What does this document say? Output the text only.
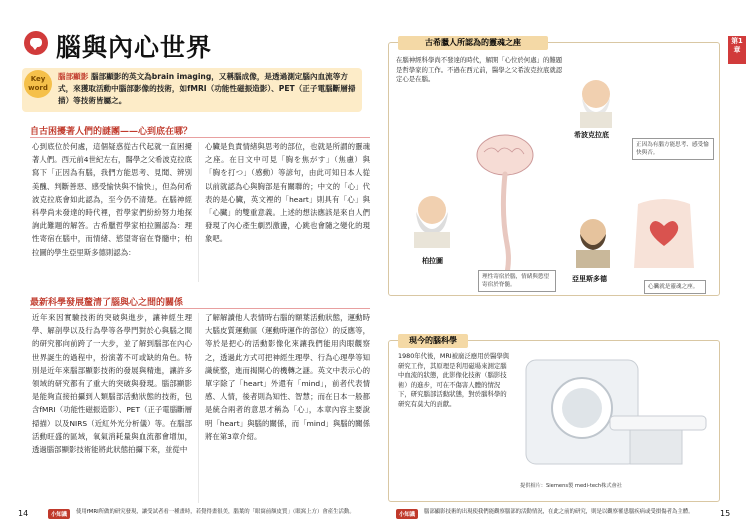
腦與內心世界
Key word
腦部顯影 腦部顯影的英文為brain imaging，又稱腦成像，是透過測定腦內血流等方式，來獲取活動中腦部影像的技術，如fMRI（功能性磁振造影）、PET（正子電腦斷層掃描）等技術皆屬之。
自古困擾著人們的謎團——心到底在哪？
心到底位於何處，這個疑惑從古代起就一直困擾著人們。西元前4世紀左右，醫學之父希波克拉底寫下「正因為有腦，我們方能思考、見聞、辨別美醜、判斷善惡、感受愉快與不愉快」，但為何希波克拉底會如此認為，至今仍不清楚。在腦神經科學尚未發達的時代裡，哲學家們紛紛努力地探詢此難題的解答。古希臘哲學家柏拉圖認為：理性寄宿在腦中，而情緒、慾望寄宿在脊髓中；柏拉圖的學生亞里斯多德則認為：
心臟是負責情緒與思考的部位，也就是所謂的靈魂之座。在日文中可見「胸を焦がす」（焦慮）與「胸を打つ」（感動）等諺句，由此可知日本人從以前就認為心與胸部是有關聯的；中文的「心」代表的是心臟，英文裡的「heart」則具有「心」與「心臟」的雙重意義。上述的想法應該是來自人們發現了內心產生劇烈激盪，心跳也會隨之變化的現象吧。
最新科學發展釐清了腦與心之間的關係
近年來因實驗技術的突破與進步，讓神經生理學、解剖學以及行為學等各學門對於心與腦之間的研究都向前跨了一大步，並了解到腦部在內心世界誕生的過程中，扮演著不可或缺的角色。特別是近年來腦部顯影技術的發展與精進，讓許多領域的研究都有了重大的突破與發現。腦部顯影是能夠直接拍攝到人類腦部活動狀態的技術，包含fMRI（功能性磁振造影）、PET（正子電腦斷層掃描）以及NIRS（近紅外光分析儀）等。在腦部活動旺盛的區域，氧氣消耗量與血流都會增加，透過腦部顯影技術能將此狀態拍攝下來，並從中
了解解讀他人表情時右腦的額葉活動狀態，運動時大腦皮質運動區（運動時運作的部位）的反應等，等於是把心的活動影像化來讓我們能用肉眼觀察之，透過此方式可把神經生理學、行為心理學等知識統整，進而揭開心的機轉之謎。英文中表示心的單字除了「heart」外還有「mind」，前者代表情感、人情，後者則為知性、智慧；而在日本一般都是統合兩者的意思才稱為「心」，本章內容主要說明「heart」與腦的關係，而「mind」與腦的關係將在第3章介紹。
古希臘人所認為的靈魂之座
在腦神經科學尚不發達的時代，解開「心位於何處」的難題是哲學家的工作。不過在西元前，醫學之父希波克拉底就認定心是在腦。
希波克拉底
正因為有腦方能思考、感受愉快與否。
柏拉圖
理性寄宿於腦，情緒與慾望寄宿於脊髓。
亞里斯多德
心臟就是靈魂之座。
現今的腦科學
1980年代後，MRI被廣泛應用於醫學與研究工作，其原理是利用磁場來測定腦中血流的狀態，此影像化技術（腦影技術）的進步，可在不傷害人體的情況下，研究腦部活動狀態，對於腦科學的研究有莫大的貢獻。
提供相片：Siemens製 medi-tech株式會社
第1章
14	小知識	使用fMRI所做的研究發現，讓受試者看一種畫時，若覺得畫很美，腦葉的「眼窩前額皮質」（眼窩上方）會產生活動。	小知識	腦部顯影技術的出現使我們能觀察腦部的活動情況，在此之前的研究，則是以觀察罹患腦疾病或受損傷者為主體。	15
